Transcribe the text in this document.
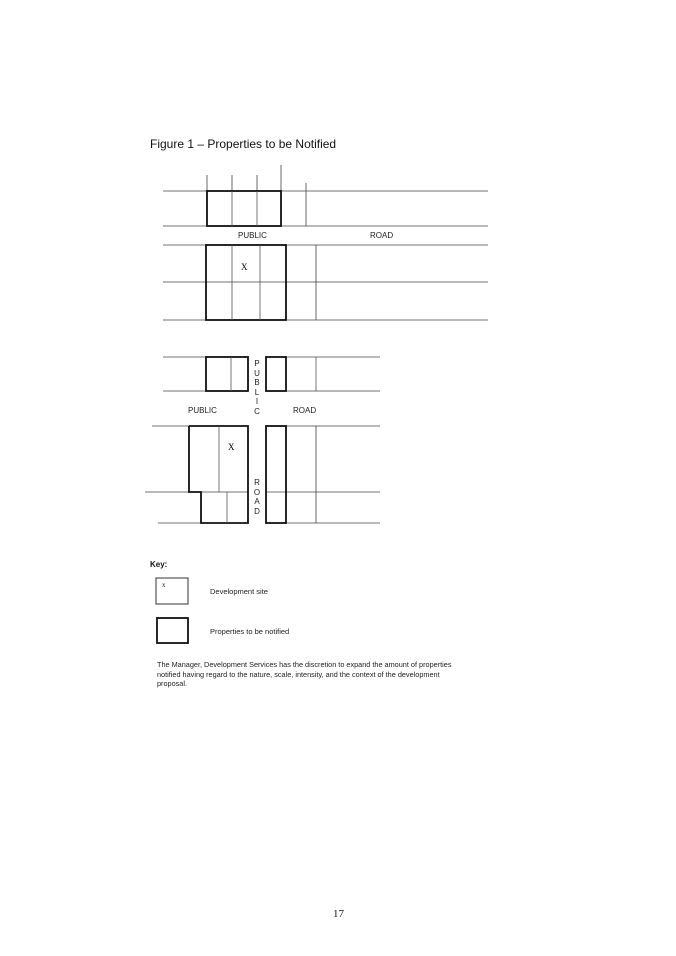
Figure 1 – Properties to be Notified
X
X
PUBLIC	ROAD
PUBLIC	ROAD
P
U
B
L
I
C
R
O
A
D
Key:
x
Development site
Properties to be notified
The Manager, Development Services has the discretion to expand the amount of properties notified having regard to the nature, scale, intensity, and the context of the development proposal.
17
